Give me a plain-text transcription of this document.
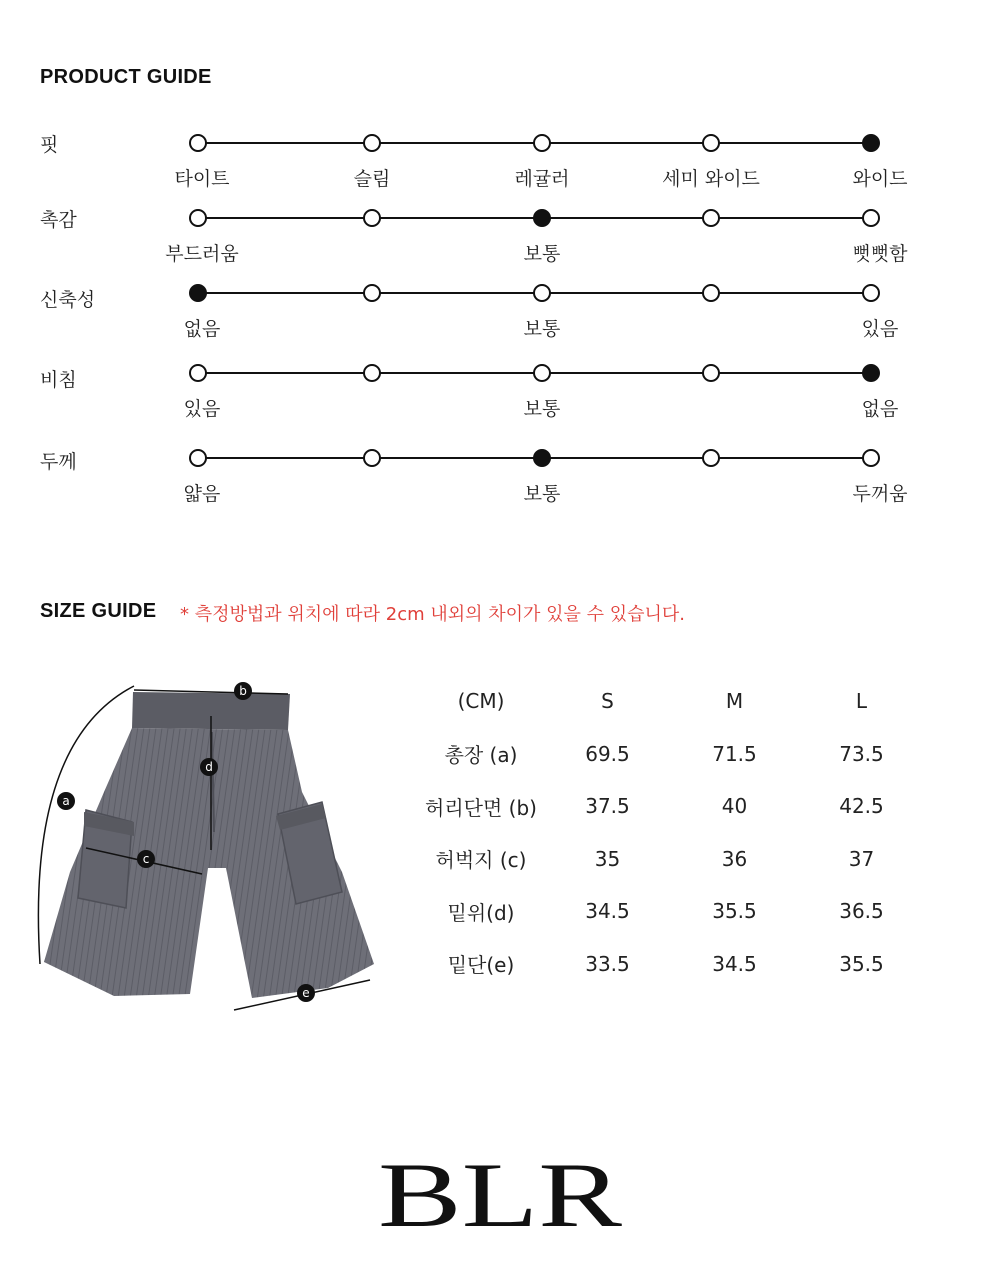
PRODUCT GUIDE
핏
타이트	슬림	레귤러	세미 와이드	와이드
촉감
부드러움	보통	뻣뻣함
신축성
없음	보통	있음
비침
있음	보통	없음
두께
얇음	보통	두꺼움
SIZE GUIDE * 측정방법과 위치에 따라 2cm 내외의 차이가 있을 수 있습니다.
a
b
c
d
e
(CM)	S	M	L
총장 (a)	69.5	71.5	73.5
허리단면 (b)	37.5	40	42.5
허벅지 (c)	35	36	37
밑위(d)	34.5	35.5	36.5
밑단(e)	33.5	34.5	35.5
BLR
